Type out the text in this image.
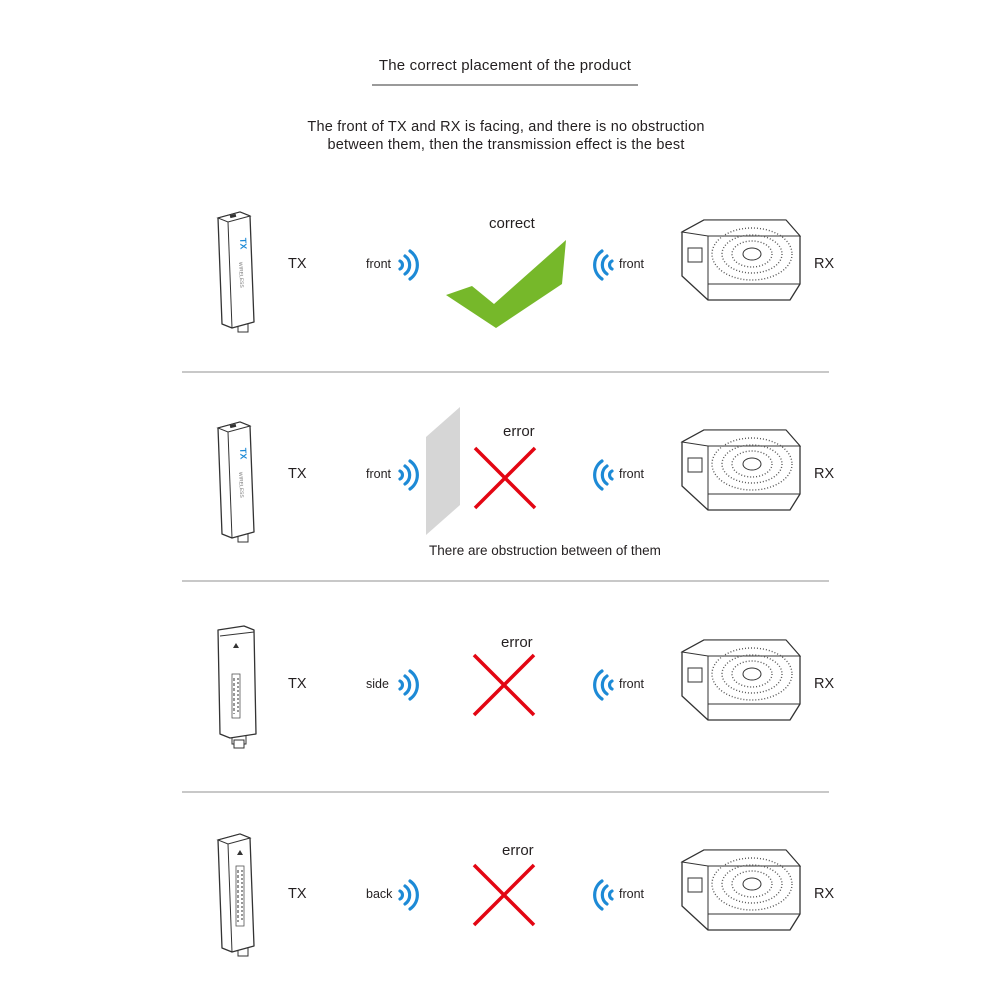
The correct placement of the product
The front of TX and RX is facing, and there is no obstruction
between them, then the transmission effect is the best
TX
WIRELESS	TX	front
correct
front	RX
TX
WIRELESS	TX	front
error
front	RX
There are obstruction between of them
TX	side
error
front	RX
TX	back
error
front	RX
